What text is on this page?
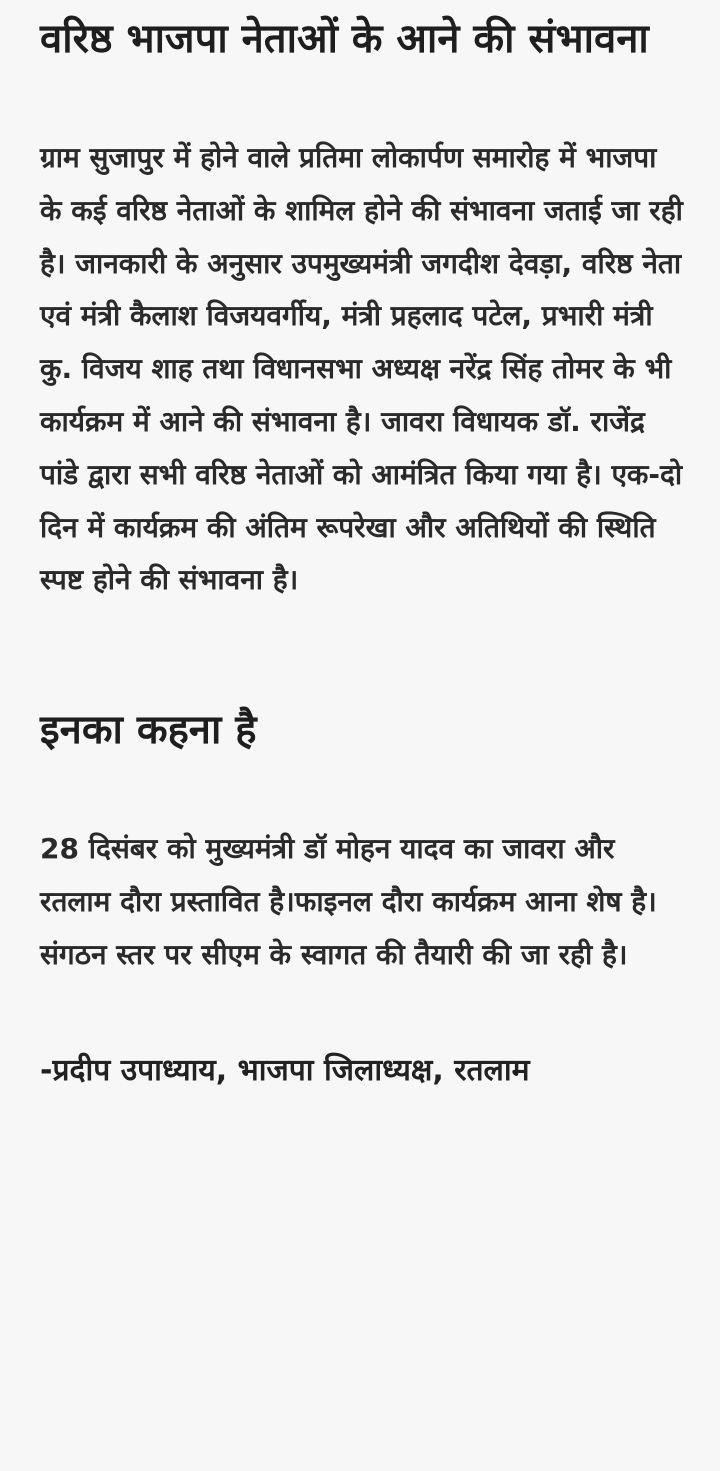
वरिष्ठ भाजपा नेताओं के आने की संभावना

ग्राम सुजापुर में होने वाले प्रतिमा लोकार्पण समारोह में भाजपा के कई वरिष्ठ नेताओं के शामिल होने की संभावना जताई जा रही है। जानकारी के अनुसार उपमुख्यमंत्री जगदीश देवड़ा, वरिष्ठ नेता एवं मंत्री कैलाश विजयवर्गीय, मंत्री प्रहलाद पटेल, प्रभारी मंत्री कु. विजय शाह तथा विधानसभा अध्यक्ष नरेंद्र सिंह तोमर के भी कार्यक्रम में आने की संभावना है। जावरा विधायक डॉ. राजेंद्र पांडे द्वारा सभी वरिष्ठ नेताओं को आमंत्रित किया गया है। एक-दो दिन में कार्यक्रम की अंतिम रूपरेखा और अतिथियों की स्थिति स्पष्ट होने की संभावना है।

इनका कहना है

28 दिसंबर को मुख्यमंत्री डॉ मोहन यादव का जावरा और रतलाम दौरा प्रस्तावित है।फाइनल दौरा कार्यक्रम आना शेष है। संगठन स्तर पर सीएम के स्वागत की तैयारी की जा रही है।

-प्रदीप उपाध्याय, भाजपा जिलाध्यक्ष, रतलाम
